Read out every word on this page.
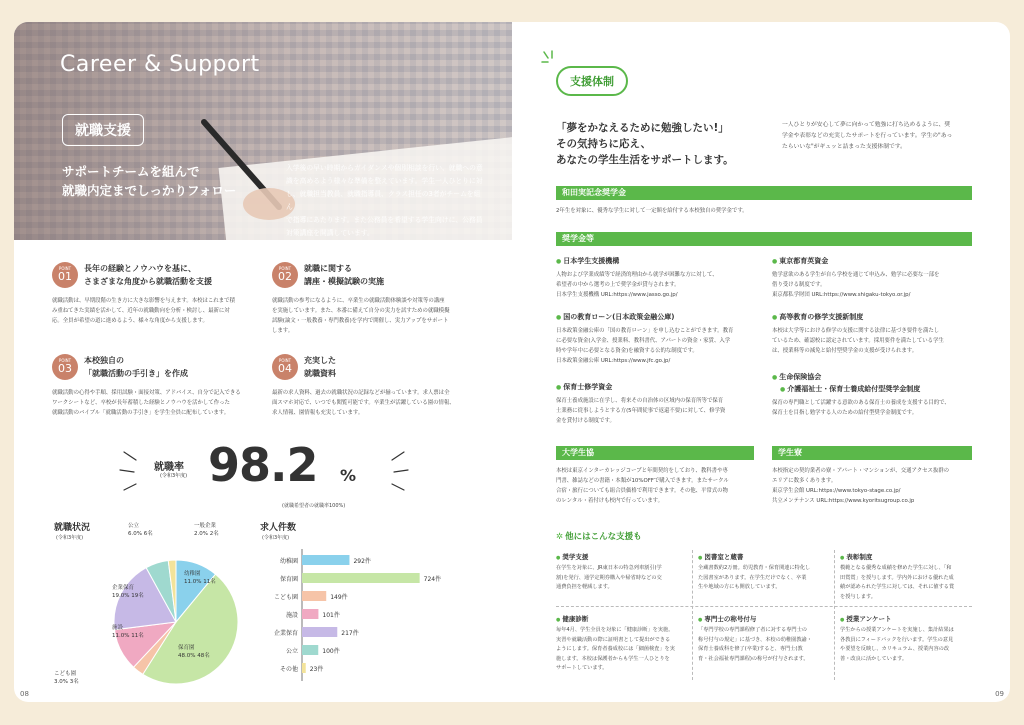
Career & Support
就職支援
サポートチームを組んで
就職内定までしっかりフォロー
入学後の早い時期からガイダンスや個別相談を行い、就職への意
識を高めるよう様々な準備を整えています。学生一人ひとりに対
し、就職担当教員、就職指導員、クラス担任の3者がチームを組ん
で指導にあたります。また公務員を希望する学生向けに、公務員
対策講座を開講しています。
POINT
01
長年の経験とノウハウを基に、
さまざまな角度から就職活動を支援
就職活動は、早期段階の生き方に大きな影響を与えます。本校はこれまで積
み重ねてきた実績を活かして、近年の就職動向を分析・検討し、最新に対
応。全員が希望の道に進めるよう、様々な角度から支援します。
POINT
02
就職に関する
講座・模擬試験の実施
就職活動の参考になるように、卒業生の就職活動体験談や対策等の講座
を実施しています。また、本番に備えて自分の実力を試すための就職模擬
試験(論文・一般教養・専門教養)を学内で開催し、実力アップをサポート
します。
POINT
03
本校独自の
「就職活動の手引き」を作成
就職活動の心得や手順、採用試験・面接対策、アドバイス、自分で記入できる
ワークシートなど、卒校が長年蓄積した経験とノウハウを活かして作った
就職活動のバイブル「就職活動の手引き」を学生全員に配布しています。
POINT
04
充実した
就職資料
最新の求人資料、過去の就職状況の記録などが揃っています。求人票は全
面スマホ対応で、いつでも閲覧可能です。卒業生が活躍している園の情報、
求人情報、園情報も充実しています。
就職率
(令和3年度) 98.2 %
(就職希望者の就職率100%)
就職状況
(令和3年度)
公立
6.0% 6名
一般企業
2.0% 2名
幼稚園
11.0% 11名
企業保育
19.0% 19名
施設
11.0% 11名
保育園
48.0% 48名
こども園
3.0% 3名
求人件数
(令和3年度)
幼稚園	292件
保育園	724件
こども園	149件
施設	101件
企業保育	217件
公立	100件
その他 23件
08	09
支援体制
「夢をかなえるために勉強したい!」
その気持ちに応え、
あなたの学生生活をサポートします。
一人ひとりが安心して夢に向かって勉強に打ち込めるように、奨
学金や表彰などの充実したサポートを行っています。学生の"あっ
たらいいな"がギュッと詰まった支援体制です。
和田実記念奨学金
2年生を対象に、優秀な学生に対して一定額を給付する本校独自の奨学金です。
奨学金等
● 日本学生支援機構
人物および学業成績等で経済的理由から就学が困難な方に対して、
希望者の中から選考の上で奨学金が貸与されます。
日本学生支援機構 URL:https://www.jasso.go.jp/
● 国の教育ローン(日本政策金融公庫)
日本政策金融公庫の「国の教育ローン」を申し込むことができます。教育
に必要な資金(入学金、授業料、教科書代、アパートの資金・家賃、入学
時や学年中に必要となる資金)を融資する公的な制度です。
日本政策金融公庫 URL:https://www.jfc.go.jp/
● 保育士修学資金
保育士養成施設に在学し、将来その自治体の区域内の保育所等で保育
士業務に従事しようとする方(5年間従事で返還不要)に対して、修学資
金を貸付ける制度です。
● 東京都育英資金
勉学意欲のある学生が自ら学校を通じて申込み、勉学に必要な一部を
借り受ける制度です。
東京都私学財団 URL:https://www.shigaku-tokyo.or.jp/
● 高等教育の修学支援新制度
本校は大学等における修学の支援に関する法律に基づき要件を満たし
ているため、確認校に認定されています。採用要件を満たしている学生
は、授業料等の減免と給付型奨学金の支援が受けられます。
● 生命保険協会
● 介護福祉士・保育士養成給付型奨学金制度
保育の専門職として活躍する意欲のある保育士の養成を支援する目的で、
保育士を目指し勉学する人のための給付型奨学金制度です。
大学生協
本校は東京インターカレッジコープと年間契約をしており、教科書や専
門書、雑誌などの書籍・本類が10%OFFで購入できます。またサークル
合宿・旅行についても組合員価格で利用できます。その他、平常式の物
のレンタル・着付けも校内で行っています。
学生寮
本校指定の契約業者の寮・アパート・マンションが、交通アクセス抜群の
エリアに数多くあります。
東京学生会館 URL:https://www.tokyo-stage.co.jp/
共立メンテナンス URL:https://www.kyoritsugroup.co.jp
✲ 他にはこんな支援も
● 奨学支援
在学生を対象に、JR東日本の特急列車割引(学
割)を発行、通学定期券購入や帰省時などの交
通費負担を軽減します。
● 図書室と蔵書
全蔵書数約2万冊。幼児教育・保育関連に特化し
た図書室があります。在学生だけでなく、卒業
生や地域の方にも開放しています。
● 表彰制度
模範となる優秀な成績を修めた学生に対し、「和
田賞賞」を授与します。学内外における優れた成
績が認められた学生に対しては、それに値する賞
を授与します。
● 健康診断
毎年4月、学生全員を対象に「健康診断」を実施。
実習や就職活動の際に証明書として提出ができる
ようにします。保育者養成校には「細菌検査」を実
施します。本校は保護者からも学生一人ひとりを
サポートしています。
● 専門士の称号付与
「専門学校の専門課程修了者に対する専門士の
称号付与の規定」に基づき、本校の幼稚園教諭・
保育士養成科を修了(卒業)すると、専門士(教
育・社会福祉専門課程)の称号が付与されます。
● 授業アンケート
学生からの授業アンケートを実施し、集計結果は
各教員にフィードバックを行います。学生の意見
や要望を反映し、カリキュラム、授業内容の改
善・改良に活かしています。
